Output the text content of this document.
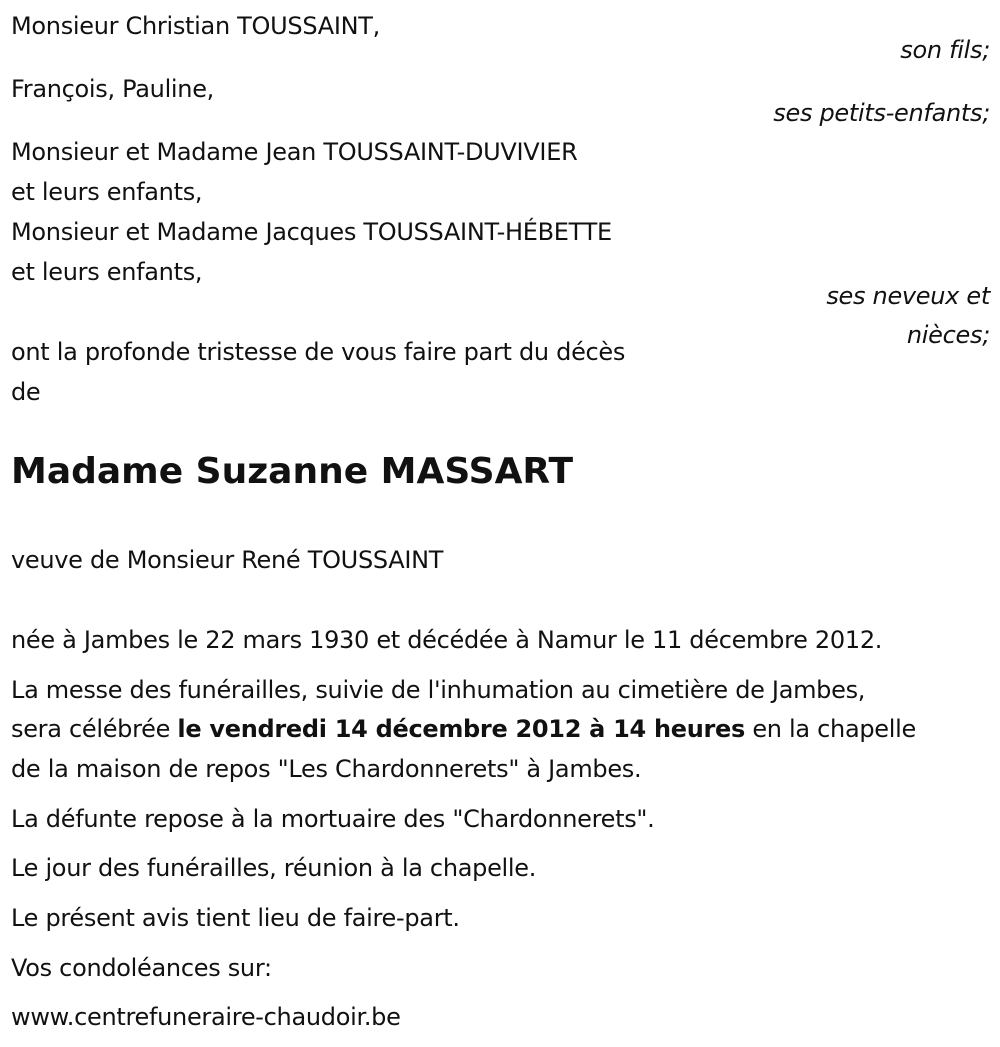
Monsieur Christian TOUSSAINT,
son fils;
François, Pauline,
ses petits-enfants;
Monsieur et Madame Jean TOUSSAINT-DUVIVIER
et leurs enfants,
Monsieur et Madame Jacques TOUSSAINT-HÉBETTE
et leurs enfants,
ses neveux et
nièces;
ont la profonde tristesse de vous faire part du décès
de
Madame Suzanne MASSART
veuve de Monsieur René TOUSSAINT
née à Jambes le 22 mars 1930 et décédée à Namur le 11 décembre 2012.
La messe des funérailles, suivie de l'inhumation au cimetière de Jambes,
sera célébrée le vendredi 14 décembre 2012 à 14 heures en la chapelle
de la maison de repos "Les Chardonnerets" à Jambes.
La défunte repose à la mortuaire des "Chardonnerets".
Le jour des funérailles, réunion à la chapelle.
Le présent avis tient lieu de faire-part.
Vos condoléances sur:
www.centrefuneraire-chaudoir.be
